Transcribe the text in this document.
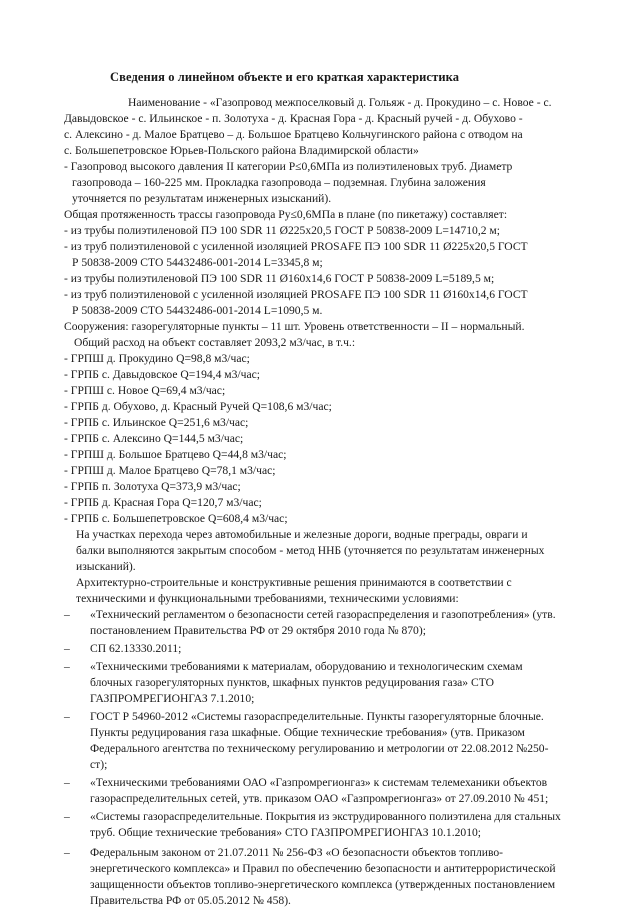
Сведения о линейном объекте и его краткая характеристика
Наименование - «Газопровод межпоселковый д. Гольяж - д. Прокудино – с. Новое - с.
Давыдовское - с. Ильинское - п. Золотуха - д. Красная Гора - д. Красный ручей - д. Обухово -
с. Алексино - д. Малое Братцево – д. Большое Братцево Кольчугинского района с отводом на
с. Большепетровское Юрьев-Польского района Владимирской области»
- Газопровод высокого давления II категории Р≤0,6МПа из полиэтиленовых труб. Диаметр
газопровода – 160-225 мм. Прокладка газопровода – подземная. Глубина заложения
уточняется по результатам инженерных изысканий).
Общая протяженность трассы газопровода Ру≤0,6МПа в плане (по пикетажу) составляет:
- из трубы полиэтиленовой ПЭ 100 SDR 11 Ø225х20,5 ГОСТ Р 50838-2009 L=14710,2 м;
- из труб полиэтиленовой с усиленной изоляцией PROSAFE ПЭ 100 SDR 11 Ø225х20,5 ГОСТ
Р 50838-2009 СТО 54432486-001-2014 L=3345,8 м;
- из трубы полиэтиленовой ПЭ 100 SDR 11 Ø160х14,6 ГОСТ Р 50838-2009 L=5189,5 м;
- из труб полиэтиленовой с усиленной изоляцией PROSAFE ПЭ 100 SDR 11 Ø160х14,6 ГОСТ
Р 50838-2009 СТО 54432486-001-2014 L=1090,5 м.
Сооружения: газорегуляторные пункты – 11 шт. Уровень ответственности – II – нормальный.
Общий расход на объект составляет 2093,2 м3/час, в т.ч.:
- ГРПШ д. Прокудино Q=98,8 м3/час;
- ГРПБ с. Давыдовское Q=194,4 м3/час;
- ГРПШ с. Новое Q=69,4 м3/час;
- ГРПБ д. Обухово, д. Красный Ручей Q=108,6 м3/час;
- ГРПБ с. Ильинское Q=251,6 м3/час;
- ГРПБ с. Алексино Q=144,5 м3/час;
- ГРПШ д. Большое Братцево Q=44,8 м3/час;
- ГРПШ д. Малое Братцево Q=78,1 м3/час;
- ГРПБ п. Золотуха Q=373,9 м3/час;
- ГРПБ д. Красная Гора Q=120,7 м3/час;
- ГРПБ с. Большепетровское Q=608,4 м3/час;
На участках перехода через автомобильные и железные дороги, водные преграды, овраги и
балки выполняются закрытым способом - метод ННБ (уточняется по результатам инженерных
изысканий).
Архитектурно-строительные и конструктивные решения принимаются в соответствии с
техническими и функциональными требованиями, техническими условиями:
«Технический регламентом о безопасности сетей газораспределения и газопотребления» (утв.
–
постановлением Правительства РФ от 29 октября 2010 года № 870);
СП 62.13330.2011;
–
«Техническими требованиями к материалам, оборудованию и технологическим схемам
–
блочных газорегуляторных пунктов, шкафных пунктов редуцирования газа» СТО
ГАЗПРОМРЕГИОНГАЗ 7.1.2010;
ГОСТ Р 54960-2012 «Системы газораспределительные. Пункты газорегуляторные блочные.
–
Пункты редуцирования газа шкафные. Общие технические требования» (утв. Приказом
Федерального агентства по техническому регулированию и метрологии от 22.08.2012 №250-
ст);
«Техническими требованиями ОАО «Газпромрегионгаз» к системам телемеханики объектов
–
газораспределительных сетей, утв. приказом ОАО «Газпромрегионгаз» от 27.09.2010 № 451;
«Системы газораспределительные. Покрытия из экструдированного полиэтилена для стальных
–
труб. Общие технические требования» СТО ГАЗПРОМРЕГИОНГАЗ 10.1.2010;
Федеральным законом от 21.07.2011 № 256-ФЗ «О безопасности объектов топливо-
–
энергетического комплекса» и Правил по обеспечению безопасности и антитеррористической
защищенности объектов топливо-энергетического комплекса (утвержденных постановлением
Правительства РФ от 05.05.2012 № 458).
